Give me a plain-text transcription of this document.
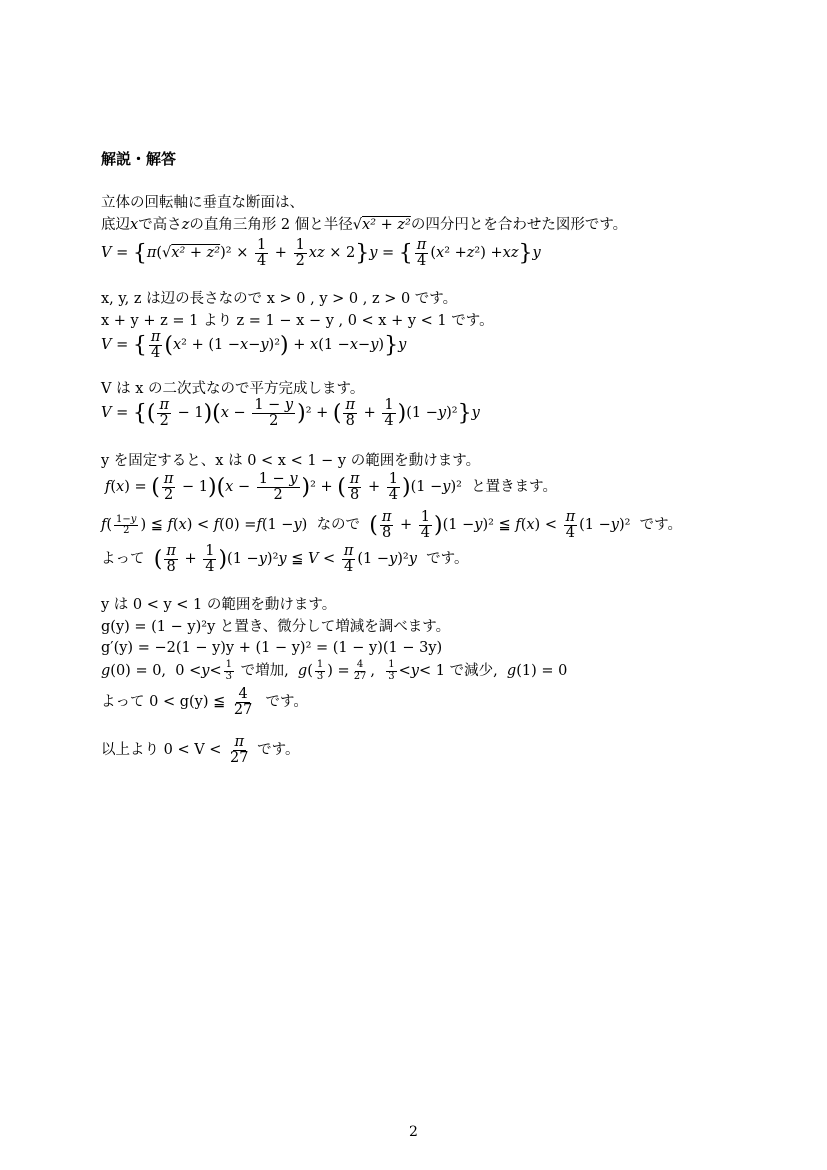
解説・解答
立体の回転軸に垂直な断面は、
底辺 x で高さ z の直角三角形 2 個と半径 √ x² + z² の四分円とを合わせた図形です。
V = { π (√ x² + z² )$^2 \times \frac{1}{4} + \frac{1}{2}$ xz × 2 } y = { $\frac{\pi}{4}$ ( x ² + z ²) + xz } y
x, y, z は辺の長さなので x > 0 , y > 0 , z > 0 です。
x + y + z = 1 より z = 1 − x − y , 0 < x + y < 1 です。
V = { $\frac{\pi}{4}$ ( x ² + (1 − x − y )² ) + x (1 − x − y ) } y
V は x の二次式なので平方完成します。
V = {( $\frac{\pi}{2} - 1$ )( $x - \frac{1 - y}{2}$ ) ² + ( $\frac{\pi}{8} + \frac{1}{4}$ ) (1 − y )² } y
y を固定すると、x は 0 < x < 1 − y の範囲を動けます。
f ( x ) = ( $\frac{\pi}{2} - 1$ )( $x - \frac{1 - y}{2}$ ) ² + ( $\frac{\pi}{8} + \frac{1}{4}$ ) (1 − y )² と置きます。
f ( $\frac{1-y}{2}$ ) ≦ f ( x ) < f (0) = f (1 − y ) なので
( $\frac{\pi}{8} + \frac{1}{4}$ ) (1 − y )² ≦ f ( x ) < $\frac{\pi}{4} (1 - y$ )² です。
よって
( $\frac{\pi}{8} + \frac{1}{4}$ ) (1 − y )² y ≦ $V < \frac{\pi}{4} (1 - y$ )² y
です。
y は 0 < y < 1 の範囲を動けます。
g(y) = (1 − y)²y と置き、微分して増減を調べます。
g′(y) = −2(1 − y)y + (1 − y)² = (1 − y)(1 − 3y)
g (0) = 0,  $0 < y < \frac{1}{3}$ で増加, g ( $\frac{1}{3}$ ) = $\frac{4}{27}$ , $\frac{1}{3} < y < 1$ で減少, g (1) = 0
よって 0 < g(y) ≦
$\frac{4}{27}$
です。
以上より 0 < V <
$\frac{\pi}{27}$
です。
2
